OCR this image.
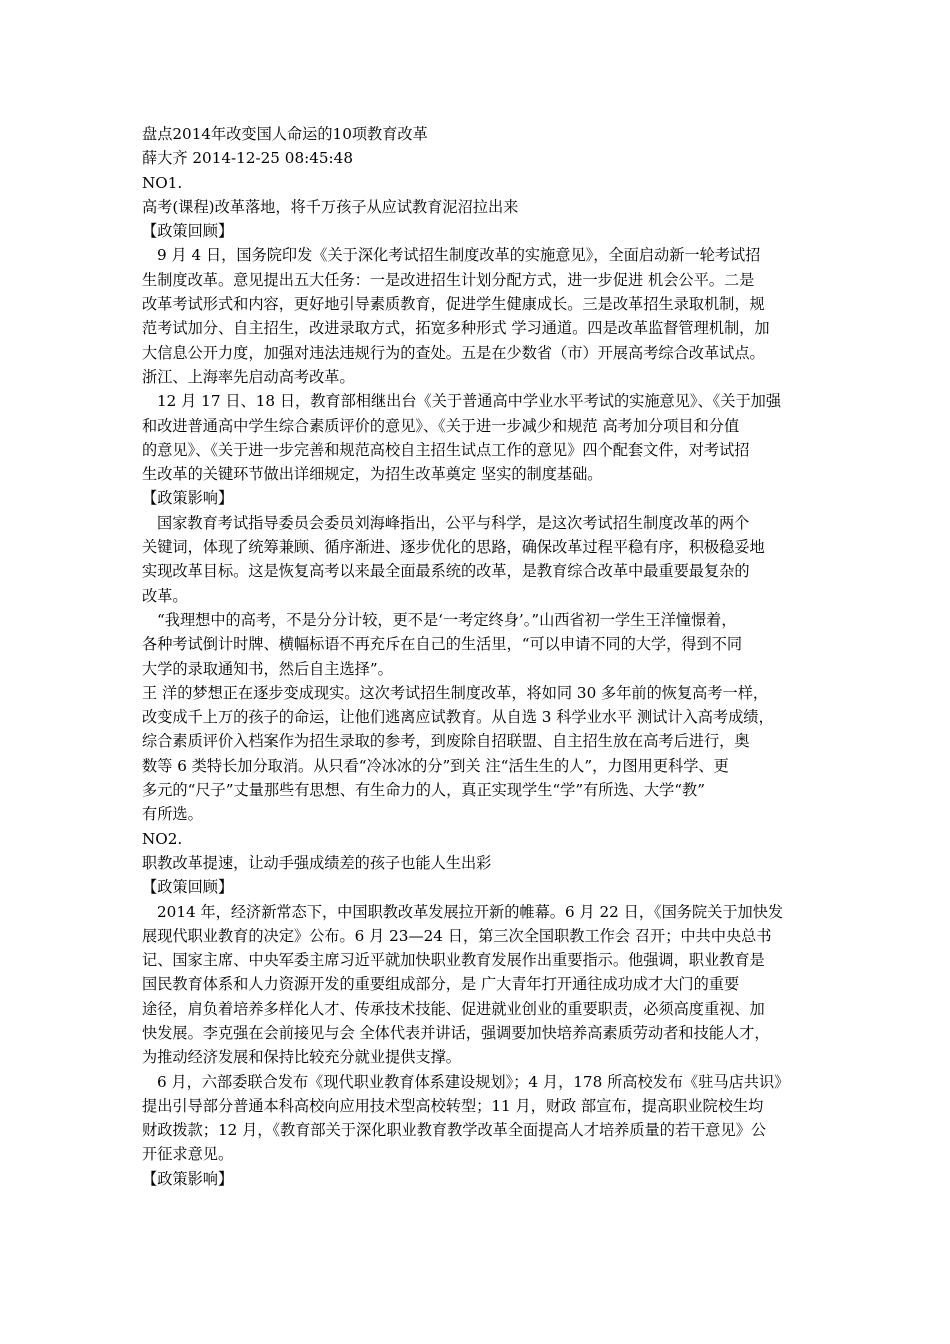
盘点2014年改变国人命运的10项教育改革

薛大齐 2014-12-25 08:45:48

NO1.

高考(课程)改革落地，将千万孩子从应试教育泥沼拉出来

【政策回顾】

9 月 4 日，国务院印发《关于深化考试招生制度改革的实施意见》，全面启动新一轮考试招

生制度改革。意见提出五大任务：一是改进招生计划分配方式，进一步促进 机会公平。二是

改革考试形式和内容，更好地引导素质教育，促进学生健康成长。三是改革招生录取机制，规

范考试加分、自主招生，改进录取方式，拓宽多种形式 学习通道。四是改革监督管理机制，加

大信息公开力度，加强对违法违规行为的查处。五是在少数省（市）开展高考综合改革试点。

浙江、上海率先启动高考改革。

12 月 17 日、18 日，教育部相继出台《关于普通高中学业水平考试的实施意见》、《关于加强

和改进普通高中学生综合素质评价的意见》、《关于进一步减少和规范 高考加分项目和分值

的意见》、《关于进一步完善和规范高校自主招生试点工作的意见》四个配套文件，对考试招

生改革的关键环节做出详细规定，为招生改革奠定 坚实的制度基础。

【政策影响】

国家教育考试指导委员会委员刘海峰指出，公平与科学，是这次考试招生制度改革的两个

关键词，体现了统筹兼顾、循序渐进、逐步优化的思路，确保改革过程平稳有序，积极稳妥地

实现改革目标。这是恢复高考以来最全面最系统的改革，是教育综合改革中最重要最复杂的

改革。

“我理想中的高考，不是分分计较，更不是‘一考定终身’。”山西省初一学生王洋憧憬着，

各种考试倒计时牌、横幅标语不再充斥在自己的生活里，“可以申请不同的大学，得到不同

大学的录取通知书，然后自主选择”。

王 洋的梦想正在逐步变成现实。这次考试招生制度改革，将如同 30 多年前的恢复高考一样，

改变成千上万的孩子的命运，让他们逃离应试教育。从自选 3 科学业水平 测试计入高考成绩，

综合素质评价入档案作为招生录取的参考，到废除自招联盟、自主招生放在高考后进行，奥

数等 6 类特长加分取消。从只看“冷冰冰的分”到关 注“活生生的人”，力图用更科学、更

多元的“尺子”丈量那些有思想、有生命力的人，真正实现学生“学”有所选、大学“教”

有所选。

NO2.

职教改革提速，让动手强成绩差的孩子也能人生出彩

【政策回顾】

2014 年，经济新常态下，中国职教改革发展拉开新的帷幕。6 月 22 日，《国务院关于加快发

展现代职业教育的决定》公布。6 月 23—24 日，第三次全国职教工作会 召开；中共中央总书

记、国家主席、中央军委主席习近平就加快职业教育发展作出重要指示。他强调，职业教育是

国民教育体系和人力资源开发的重要组成部分，是 广大青年打开通往成功成才大门的重要

途径，肩负着培养多样化人才、传承技术技能、促进就业创业的重要职责，必须高度重视、加

快发展。李克强在会前接见与会 全体代表并讲话，强调要加快培养高素质劳动者和技能人才，

为推动经济发展和保持比较充分就业提供支撑。

6 月，六部委联合发布《现代职业教育体系建设规划》；4 月，178 所高校发布《驻马店共识》

提出引导部分普通本科高校向应用技术型高校转型；11 月，财政 部宣布，提高职业院校生均

财政拨款；12 月，《教育部关于深化职业教育教学改革全面提高人才培养质量的若干意见》公

开征求意见。

【政策影响】
